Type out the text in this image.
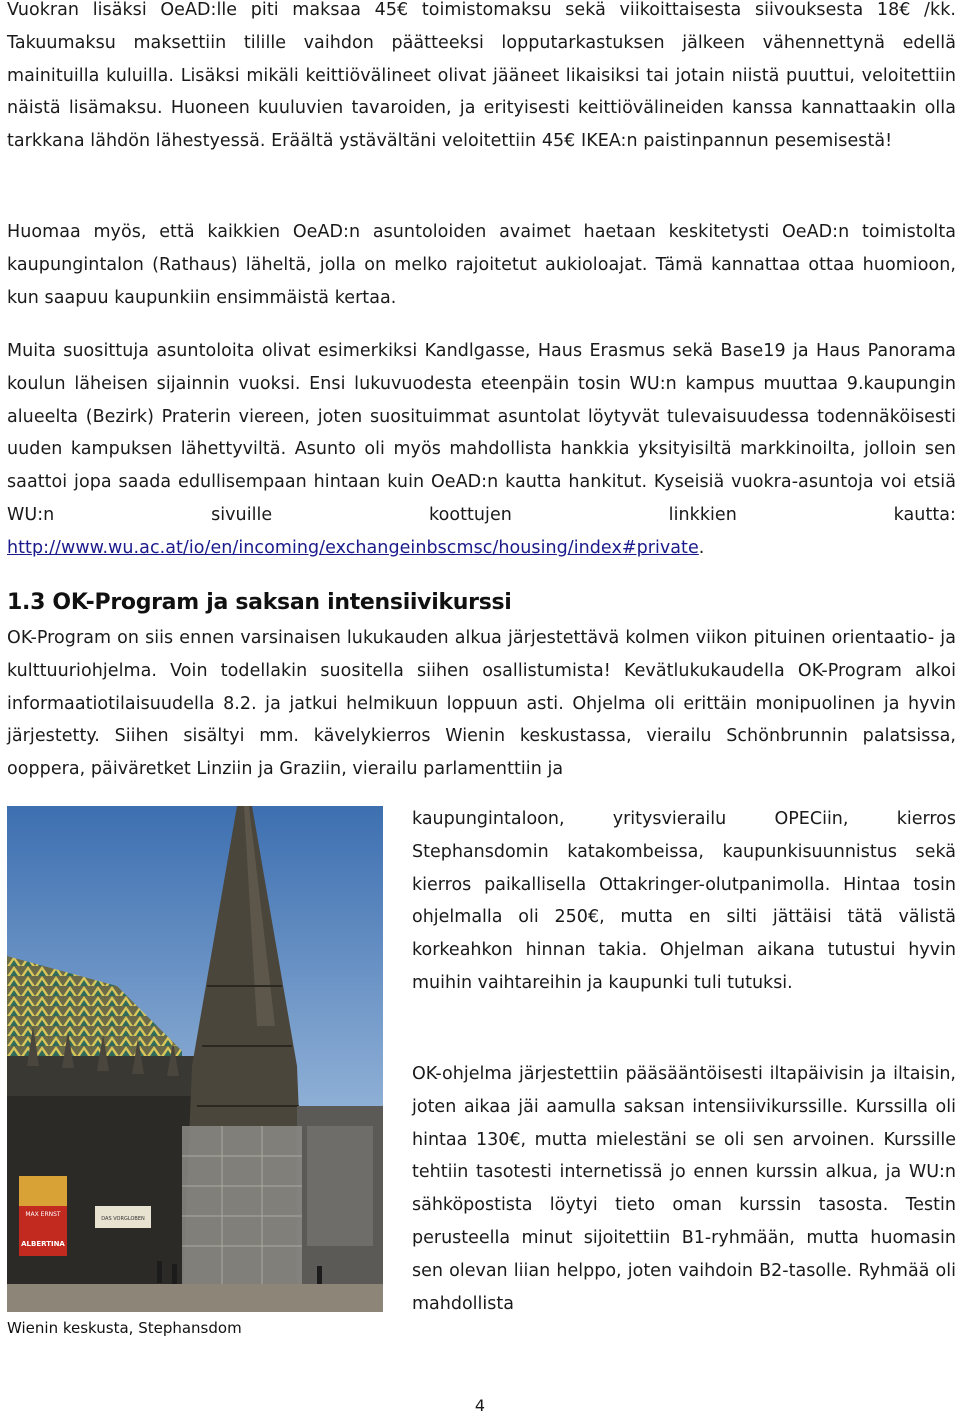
Vuokran lisäksi OeAD:lle piti maksaa 45€ toimistomaksu sekä viikoittaisesta siivouksesta 18€ /kk. Takuumaksu maksettiin tilille vaihdon päätteeksi lopputarkastuksen jälkeen vähennettynä edellä mainituilla kuluilla. Lisäksi mikäli keittiövälineet olivat jääneet likaisiksi tai jotain niistä puuttui, veloitettiin näistä lisämaksu. Huoneen kuuluvien tavaroiden, ja erityisesti keittiövälineiden kanssa kannattaakin olla tarkkana lähdön lähestyessä. Eräältä ystävältäni veloitettiin 45€ IKEA:n paistinpannun pesemisestä!

Huomaa myös, että kaikkien OeAD:n asuntoloiden avaimet haetaan keskitetysti OeAD:n toimistolta kaupungintalon (Rathaus) läheltä, jolla on melko rajoitetut aukioloajat. Tämä kannattaa ottaa huomioon, kun saapuu kaupunkiin ensimmäistä kertaa.

Muita suosittuja asuntoloita olivat esimerkiksi Kandlgasse, Haus Erasmus sekä Base19 ja Haus Panorama koulun läheisen sijainnin vuoksi. Ensi lukuvuodesta eteenpäin tosin WU:n kampus muuttaa 9.kaupungin alueelta (Bezirk) Praterin viereen, joten suosituimmat asuntolat löytyvät tulevaisuudessa todennäköisesti uuden kampuksen lähettyviltä. Asunto oli myös mahdollista hankkia yksityisiltä markkinoilta, jolloin sen saattoi jopa saada edullisempaan hintaan kuin OeAD:n kautta hankitut. Kyseisiä vuokra-asuntoja voi etsiä WU:n sivuille koottujen linkkien kautta: http://www.wu.ac.at/io/en/incoming/exchangeinbscmsc/housing/index#private.

1.3 OK-Program ja saksan intensiivikurssi

OK-Program on siis ennen varsinaisen lukukauden alkua järjestettävä kolmen viikon pituinen orientaatio- ja kulttuuriohjelma. Voin todellakin suositella siihen osallistumista! Kevätlukukaudella OK-Program alkoi informaatiotilaisuudella 8.2. ja jatkui helmikuun loppuun asti. Ohjelma oli erittäin monipuolinen ja hyvin järjestetty. Siihen sisältyi mm. kävelykierros Wienin keskustassa, vierailu Schönbrunnin palatsissa, ooppera, päiväretket Linziin ja Graziin, vierailu parlamenttiin ja

MAX ERNST
ALBERTINA
DAS VORGLOBEN

Wienin keskusta, Stephansdom

kaupungintaloon, yritysvierailu OPECiin, kierros Stephansdomin katakombeissa, kaupunkisuunnistus sekä kierros paikallisella Ottakringer-olutpanimolla. Hintaa tosin ohjelmalla oli 250€, mutta en silti jättäisi tätä välistä korkeahkon hinnan takia. Ohjelman aikana tutustui hyvin muihin vaihtareihin ja kaupunki tuli tutuksi.

OK-ohjelma järjestettiin pääsääntöisesti iltapäivisin ja iltaisin, joten aikaa jäi aamulla saksan intensiivikurssille. Kurssilla oli hintaa 130€, mutta mielestäni se oli sen arvoinen. Kurssille tehtiin tasotesti internetissä jo ennen kurssin alkua, ja WU:n sähköpostista löytyi tieto oman kurssin tasosta. Testin perusteella minut sijoitettiin B1-ryhmään, mutta huomasin sen olevan liian helppo, joten vaihdoin B2-tasolle. Ryhmää oli mahdollista

4
